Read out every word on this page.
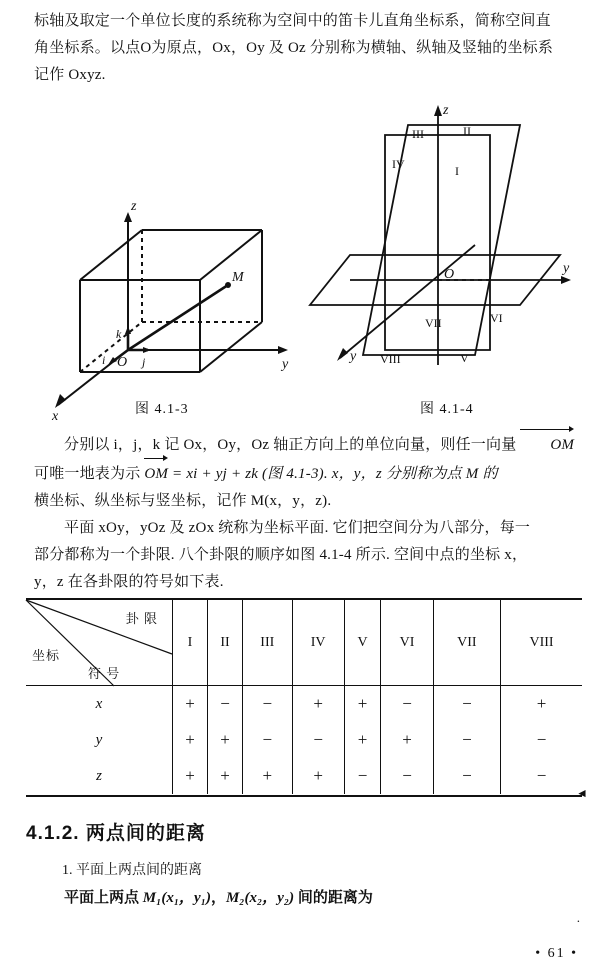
标轴及取定一个单位长度的系统称为空间中的笛卡儿直角坐标系，简称空间直
角坐标系。以点O为原点，Ox，Oy 及 Oz 分别称为横轴、纵轴及竖轴的坐标系
记作 Oxyz.
z
M
k
i O j	y
x
z
III	II
IV	I
O	y
VII	VI
y VIII	V
图 4.1-3	图 4.1-4
分别以 i，j，k 记 Ox，Oy，Oz 轴正方向上的单位向量，则任一向量 OM
可唯一地表为示 OM = xi + yj + zk (图 4.1-3). x，y，z 分别称为点 M 的
横坐标、纵坐标与竖坐标，记作 M(x，y，z).
平面 xOy，yOz 及 zOx 统称为坐标平面. 它们把空间分为八部分，每一
部分都称为一个卦限. 八个卦限的顺序如图 4.1-4 所示. 空间中点的坐标 x，
y，z 在各卦限的符号如下表.
卦 限
坐标
符 号	I	II	III	IV	V	VI	VII	VIII
x	+	−	−	+	+	−	−	+
y	+	+	−	−	+	+	−	−
z	+	+	+	+	−	−	−	−
◄
4.1.2. 两点间的距离
1. 平面上两点间的距离
平面上两点 M₁(x₁，y₁)，M₂(x₂，y₂) 间的距离为
.
• 61 •
